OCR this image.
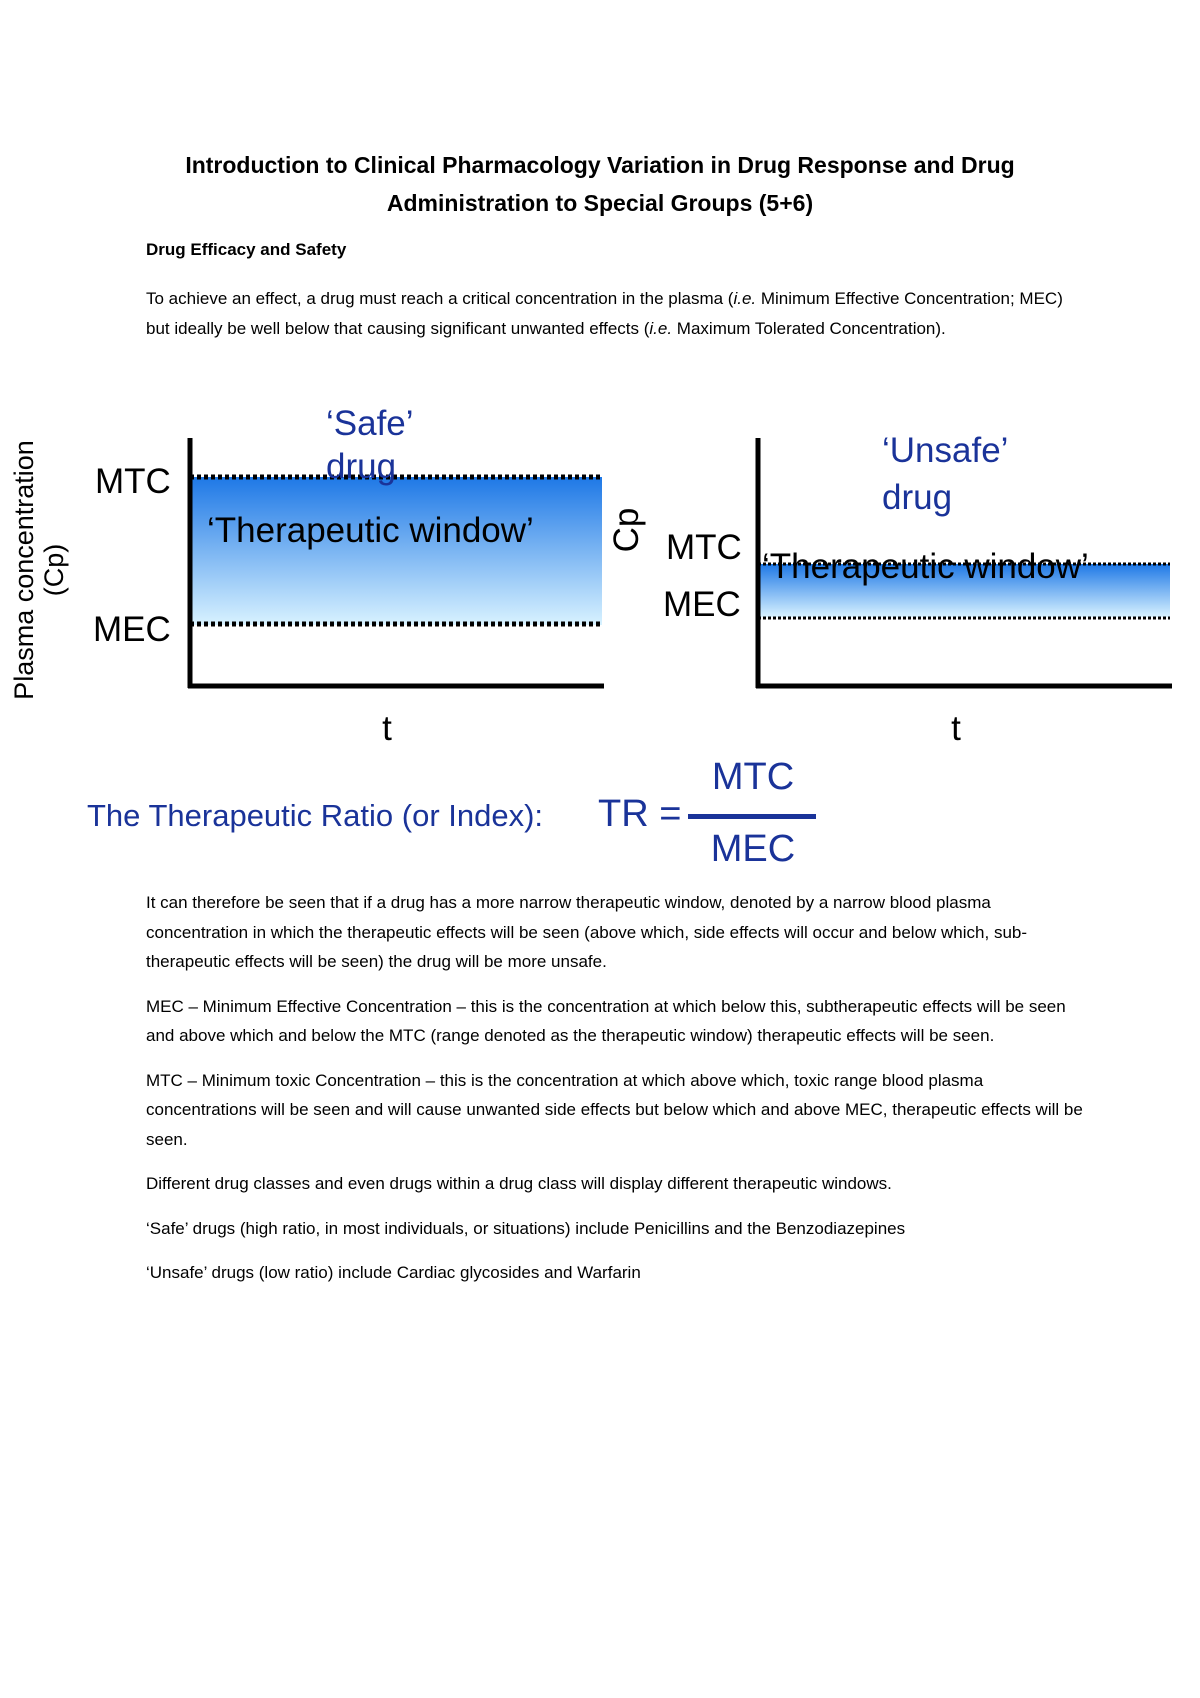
Introduction to Clinical Pharmacology Variation in Drug Response and Drug
Administration to Special Groups (5+6)
Drug Efficacy and Safety

To achieve an effect, a drug must reach a critical concentration in the plasma (i.e. Minimum Effective Concentration; MEC) but ideally be well below that causing significant unwanted effects (i.e. Maximum Tolerated Concentration).

Plasma concentration (Cp)
‘Safe’
drug
MTC
MEC
‘Therapeutic window’
t
‘Unsafe’
drug
Cp MTC
MEC
‘Therapeutic window’
t
The Therapeutic Ratio (or Index): TR =
MTC
MEC

It can therefore be seen that if a drug has a more narrow therapeutic window, denoted by a narrow blood plasma concentration in which the therapeutic effects will be seen (above which, side effects will occur and below which, sub-therapeutic effects will be seen) the drug will be more unsafe.

MEC – Minimum Effective Concentration – this is the concentration at which below this, subtherapeutic effects will be seen and above which and below the MTC (range denoted as the therapeutic window) therapeutic effects will be seen.

MTC – Minimum toxic Concentration – this is the concentration at which above which, toxic range blood plasma concentrations will be seen and will cause unwanted side effects but below which and above MEC, therapeutic effects will be seen.

Different drug classes and even drugs within a drug class will display different therapeutic windows.

‘Safe’ drugs (high ratio, in most individuals, or situations) include Penicillins and the Benzodiazepines

‘Unsafe’ drugs (low ratio) include Cardiac glycosides and Warfarin
